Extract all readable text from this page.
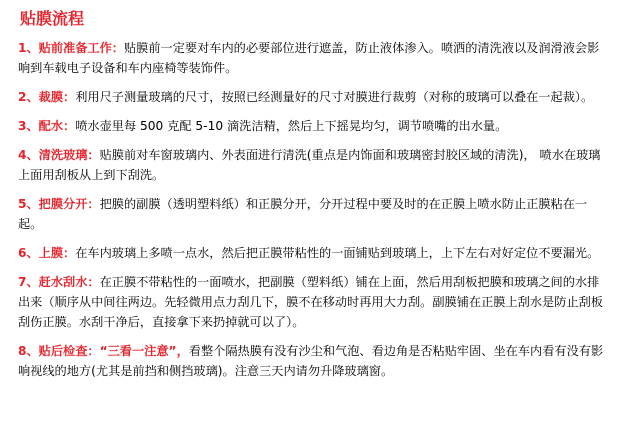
贴膜流程
1、贴前准备工作：贴膜前一定要对车内的必要部位进行遮盖，防止液体渗入。喷洒的清洗液以及润滑液会影响到车载电子设备和车内座椅等装饰件。
2、裁膜：利用尺子测量玻璃的尺寸，按照已经测量好的尺寸对膜进行裁剪（对称的玻璃可以叠在一起裁）。
3、配水：喷水壶里每 500 克配 5-10 滴洗洁精，然后上下摇晃均匀，调节喷嘴的出水量。
4、清洗玻璃：贴膜前对车窗玻璃内、外表面进行清洗(重点是内饰面和玻璃密封胶区域的清洗)， 喷水在玻璃上面用刮板从上到下刮洗。
5、把膜分开：把膜的副膜（透明塑料纸）和正膜分开，分开过程中要及时的在正膜上喷水防止正膜粘在一起。
6、上膜：在车内玻璃上多喷一点水，然后把正膜带粘性的一面铺贴到玻璃上，上下左右对好定位不要漏光。
7、赶水刮水：在正膜不带粘性的一面喷水，把副膜（塑料纸）铺在上面，然后用刮板把膜和玻璃之间的水排出来（顺序从中间往两边。先轻微用点力刮几下，膜不在移动时再用大力刮。副膜铺在正膜上刮水是防止刮板刮伤正膜。水刮干净后，直接拿下来扔掉就可以了）。
8、贴后检查：“三看一注意”，看整个隔热膜有没有沙尘和气泡、看边角是否粘贴牢固、坐在车内看有没有影响视线的地方(尤其是前挡和侧挡玻璃)。注意三天内请勿升降玻璃窗。
